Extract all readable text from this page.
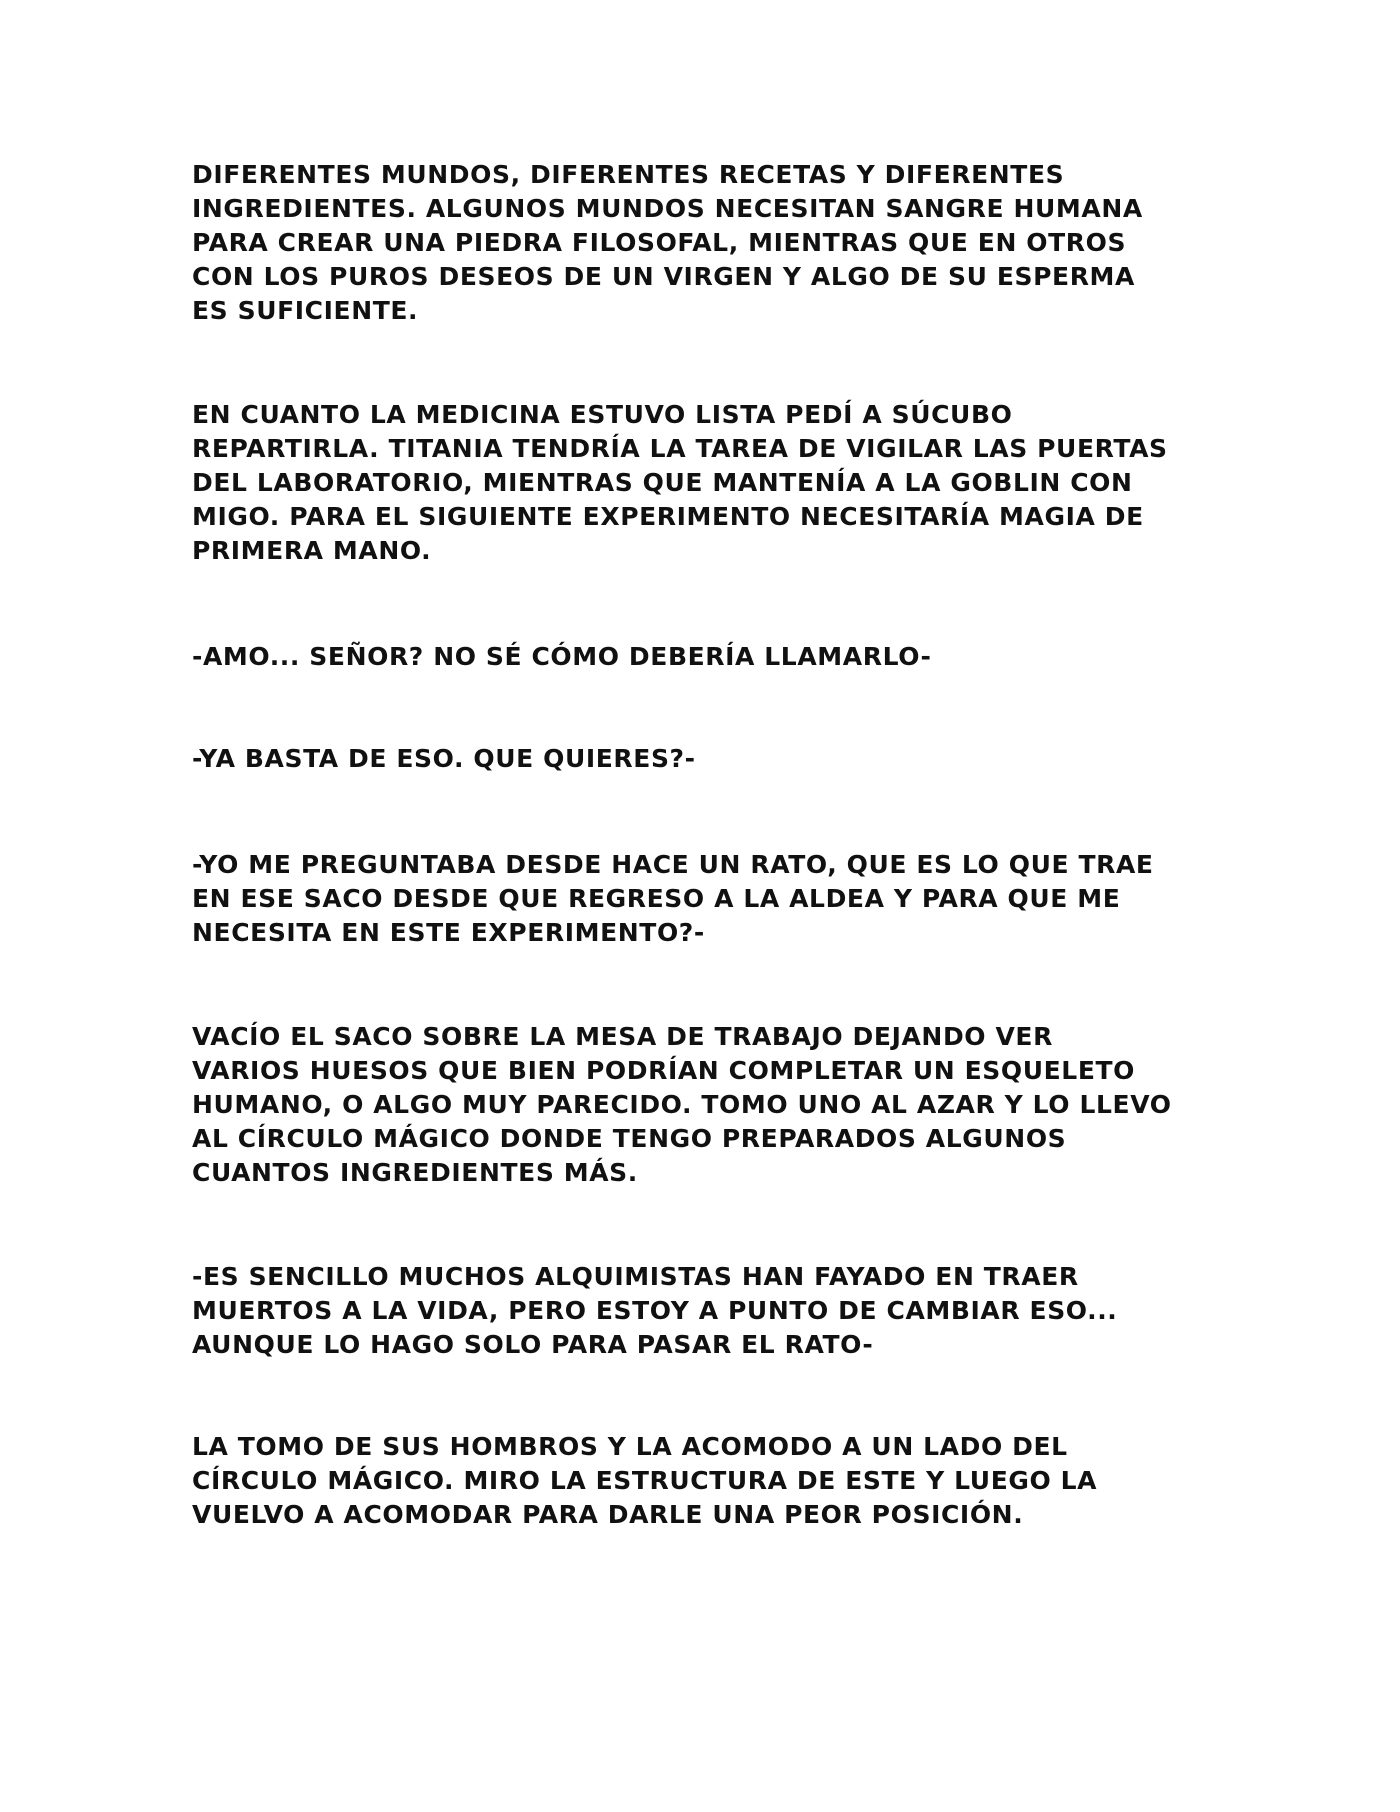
DIFERENTES MUNDOS, DIFERENTES RECETAS Y DIFERENTES
INGREDIENTES. ALGUNOS MUNDOS NECESITAN SANGRE HUMANA
PARA CREAR UNA PIEDRA FILOSOFAL, MIENTRAS QUE EN OTROS
CON LOS PUROS DESEOS DE UN VIRGEN Y ALGO DE SU ESPERMA
ES SUFICIENTE.

EN CUANTO LA MEDICINA ESTUVO LISTA PEDÍ A SÚCUBO
REPARTIRLA. TITANIA TENDRÍA LA TAREA DE VIGILAR LAS PUERTAS
DEL LABORATORIO, MIENTRAS QUE MANTENÍA A LA GOBLIN CON
MIGO. PARA EL SIGUIENTE EXPERIMENTO NECESITARÍA MAGIA DE
PRIMERA MANO.

-AMO... SEÑOR? NO SÉ CÓMO DEBERÍA LLAMARLO-

-YA BASTA DE ESO. QUE QUIERES?-

-YO ME PREGUNTABA DESDE HACE UN RATO, QUE ES LO QUE TRAE
EN ESE SACO DESDE QUE REGRESO A LA ALDEA Y PARA QUE ME
NECESITA EN ESTE EXPERIMENTO?-

VACÍO EL SACO SOBRE LA MESA DE TRABAJO DEJANDO VER
VARIOS HUESOS QUE BIEN PODRÍAN COMPLETAR UN ESQUELETO
HUMANO, O ALGO MUY PARECIDO. TOMO UNO AL AZAR Y LO LLEVO
AL CÍRCULO MÁGICO DONDE TENGO PREPARADOS ALGUNOS
CUANTOS INGREDIENTES MÁS.

-ES SENCILLO MUCHOS ALQUIMISTAS HAN FAYADO EN TRAER
MUERTOS A LA VIDA, PERO ESTOY A PUNTO DE CAMBIAR ESO...
AUNQUE LO HAGO SOLO PARA PASAR EL RATO-

LA TOMO DE SUS HOMBROS Y LA ACOMODO A UN LADO DEL
CÍRCULO MÁGICO. MIRO LA ESTRUCTURA DE ESTE Y LUEGO LA
VUELVO A ACOMODAR PARA DARLE UNA PEOR POSICIÓN.
